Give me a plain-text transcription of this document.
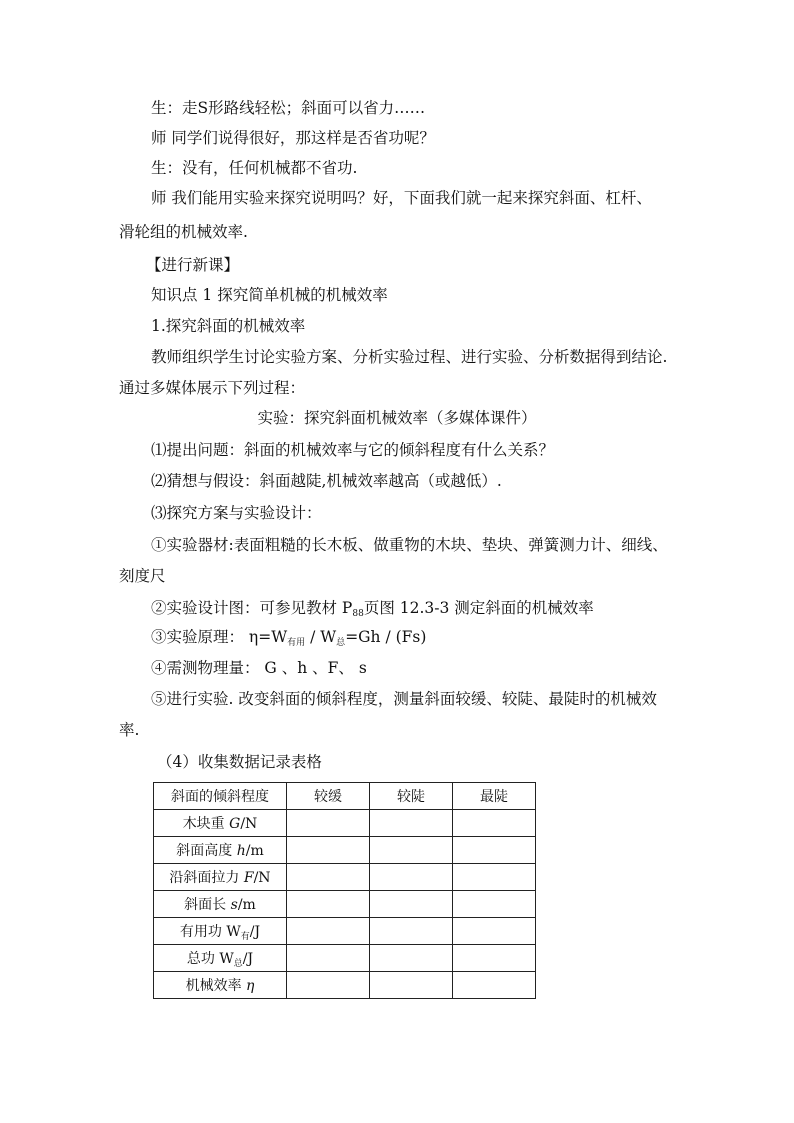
生：走S形路线轻松；斜面可以省力……
师 同学们说得很好，那这样是否省功呢？
生：没有，任何机械都不省功.
师 我们能用实验来探究说明吗？好，下面我们就一起来探究斜面、杠杆、
滑轮组的机械效率.
【进行新课】
知识点 1 探究简单机械的机械效率
1.探究斜面的机械效率
教师组织学生讨论实验方案、分析实验过程、进行实验、分析数据得到结论.
通过多媒体展示下列过程：
实验：探究斜面机械效率（多媒体课件）
⑴提出问题：斜面的机械效率与它的倾斜程度有什么关系？
⑵猜想与假设：斜面越陡,机械效率越高（或越低）.
⑶探究方案与实验设计：
①实验器材:表面粗糙的长木板、做重物的木块、垫块、弹簧测力计、细线、
刻度尺
②实验设计图：可参见教材 $P_{88}$页图 12.3-3 测定斜面的机械效率
③实验原理： $\eta=W_{有用} / W_总=Gh / (Fs)$
④需测物理量： G 、h 、F、 s
⑤进行实验. 改变斜面的倾斜程度，测量斜面较缓、较陡、最陡时的机械效
率.
（4）收集数据记录表格
斜面的倾斜程度	较缓	较陡	最陡
木块重 G/N			
斜面高度 h/m			
沿斜面拉力 F/N			
斜面长 s/m			
有用功 $W_有/J$			
总功 $W_总/J$			
机械效率 η			
